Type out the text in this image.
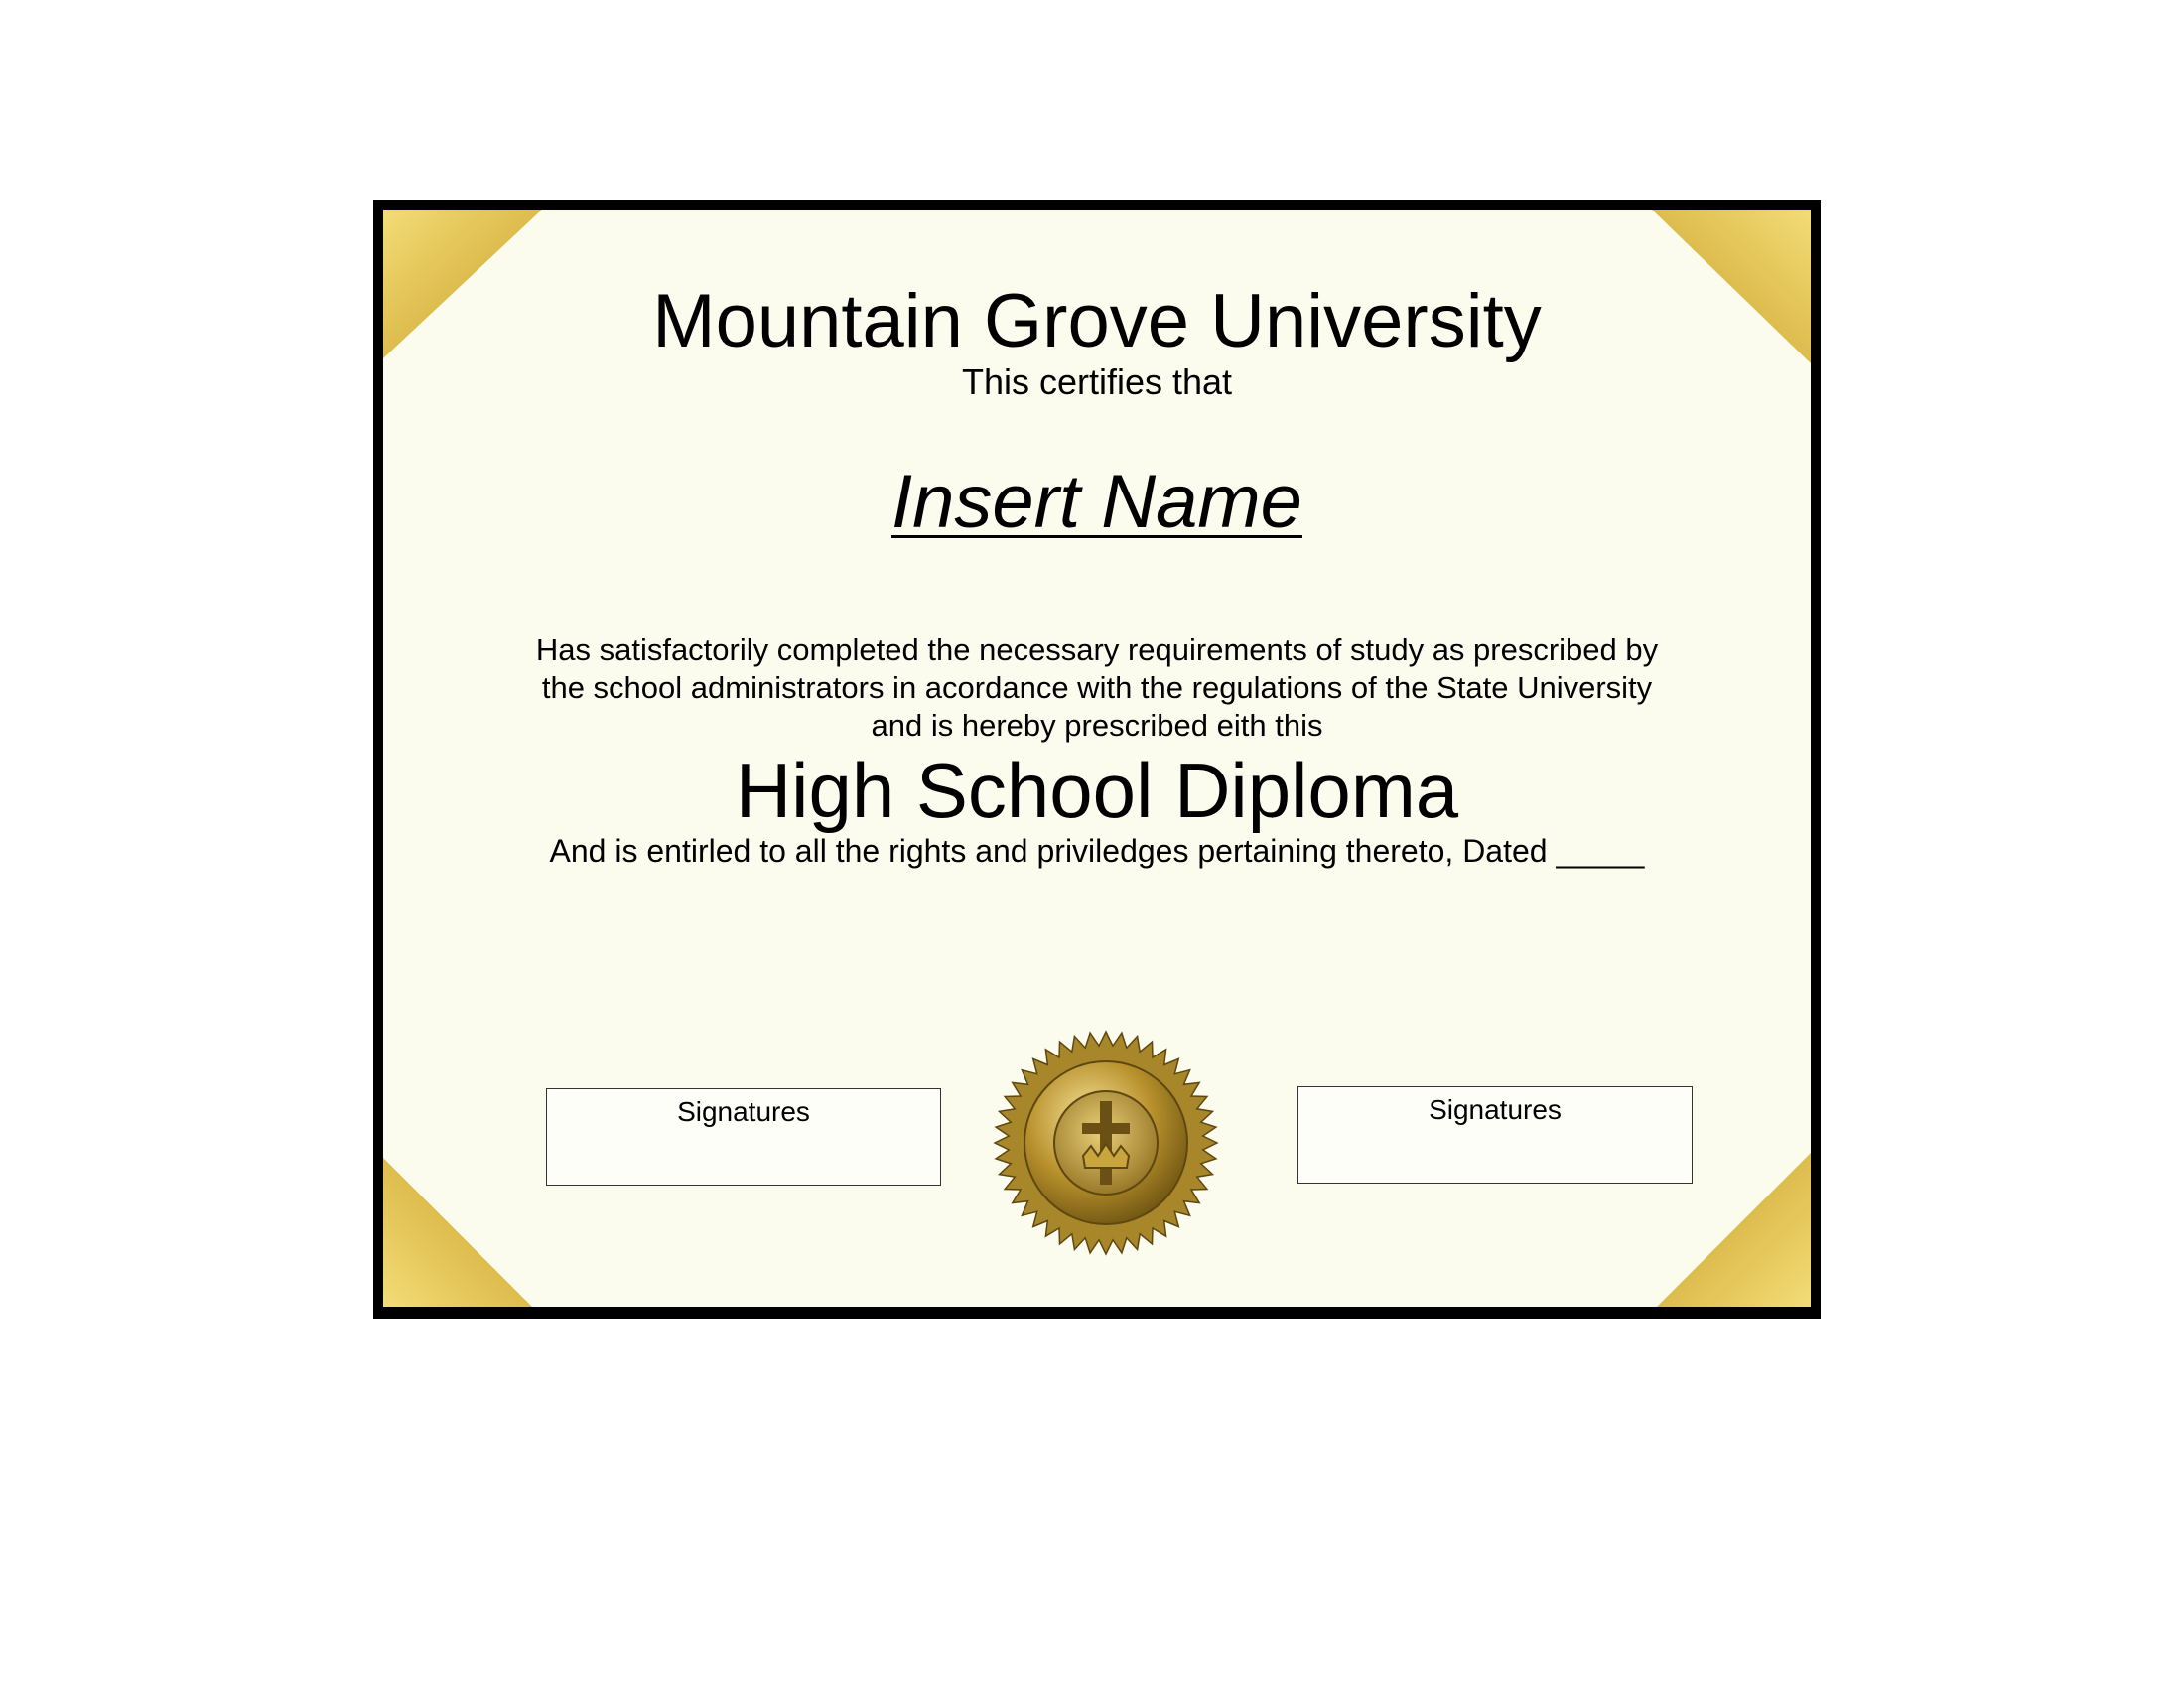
Mountain Grove University
This certifies that
Insert Name
Has satisfactorily completed the necessary requirements of study as prescribed by the school administrators in acordance with the regulations of the State University and is hereby prescribed eith this
High School Diploma
And is entirled to all the rights and priviledges pertaining thereto, Dated _____
Signatures	Signatures
